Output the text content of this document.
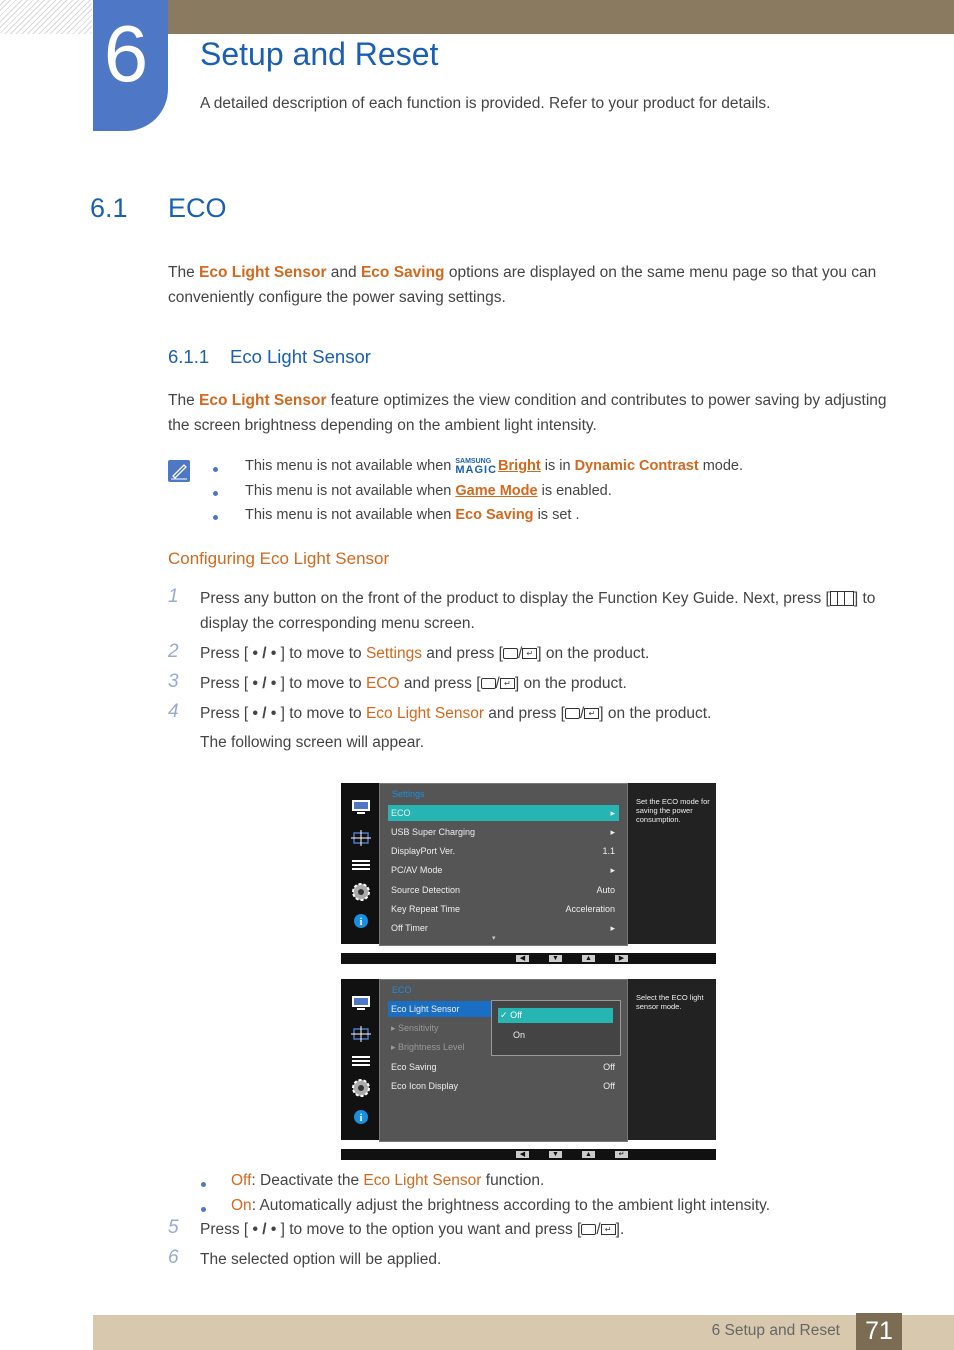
6	Setup and Reset
A detailed description of each function is provided. Refer to your product for details.
6.1 ECO
The Eco Light Sensor and Eco Saving options are displayed on the same menu page so that you can
conveniently configure the power saving settings.
6.1.1 Eco Light Sensor
The Eco Light Sensor feature optimizes the view condition and contributes to power saving by adjusting
the screen brightness depending on the ambient light intensity.
This menu is not available when SAMSUNG
MAGIC Bright is in Dynamic Contrast mode.
This menu is not available when Game Mode is enabled.
This menu is not available when Eco Saving is set .
Configuring Eco Light Sensor
1 Press any button on the front of the product to display the Function Key Guide. Next, press [ ] to
display the corresponding menu screen.
2 Press [ • / • ] to move to Settings and press [ / ↵ ] on the product.
3 Press [ • / • ] to move to ECO and press [ / ↵ ] on the product.
4 Press [ • / • ] to move to Eco Light Sensor and press [ / ↵ ] on the product.
The following screen will appear.
i
Settings
ECO	▸
USB Super Charging	▸
DisplayPort Ver.	1.1
PC/AV Mode	▸
Source Detection	Auto
Key Repeat Time	Acceleration
Off Timer	▸
▾
Set the ECO mode for saving the power consumption.
◀	▼	▲	▶
i
ECO
Eco Light Sensor
▸ Sensitivity
▸ Brightness Level
Eco Saving	Off
Eco Icon Display	Off
✓ Off
On
Select the ECO light sensor mode.
◀	▼	▲	↵
Off: Deactivate the Eco Light Sensor function.
On: Automatically adjust the brightness according to the ambient light intensity.
5 Press [ • / • ] to move to the option you want and press [ / ↵ ].
6 The selected option will be applied.
6 Setup and Reset	71
